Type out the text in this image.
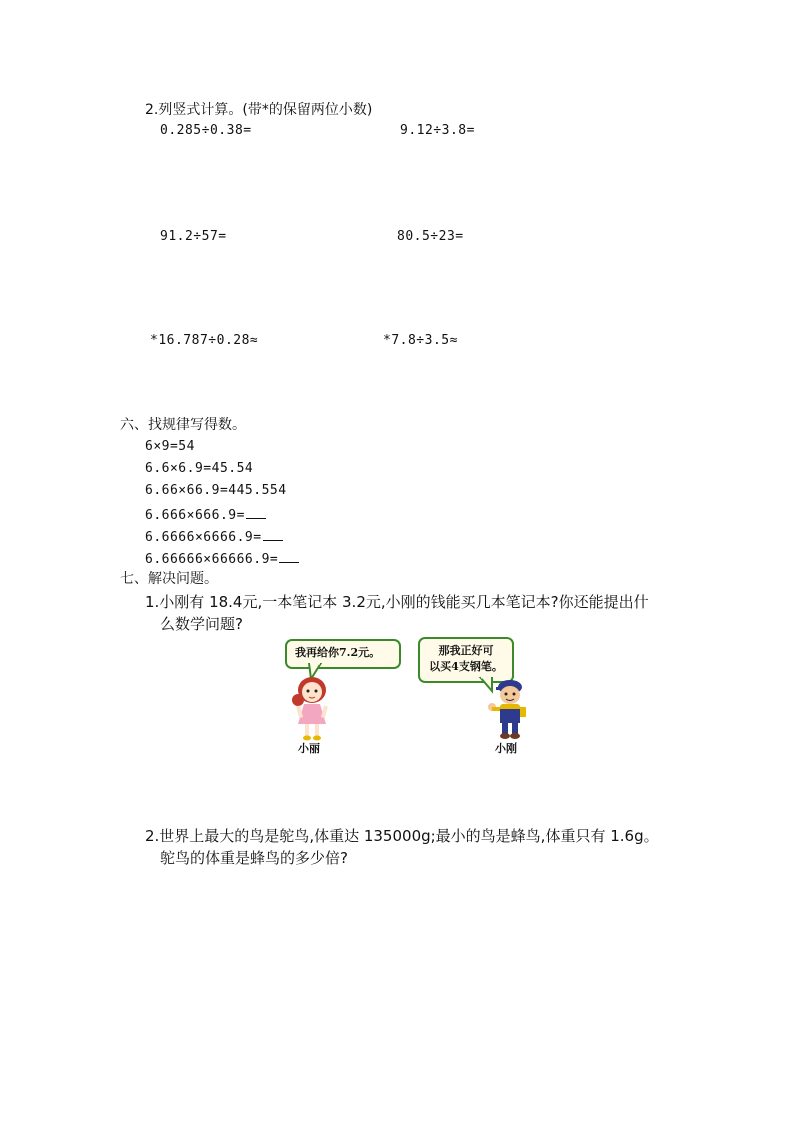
2.列竖式计算。(带*的保留两位小数)
0.285÷0.38=	9.12÷3.8=
91.2÷57=	80.5÷23=
*16.787÷0.28≈	*7.8÷3.5≈
六、找规律写得数。
6×9=54
6.6×6.9=45.54
6.66×66.9=445.554
6.666×666.9=
6.6666×6666.9=
6.66666×66666.9=
七、解决问题。
1.小刚有 18.4元,一本笔记本 3.2元,小刚的钱能买几本笔记本?你还能提出什
么数学问题?
我再给你7.2元。	那我正好可
以买4支钢笔。
小丽	小刚
2.世界上最大的鸟是鸵鸟,体重达 135000g;最小的鸟是蜂鸟,体重只有 1.6g。
鸵鸟的体重是蜂鸟的多少倍?
